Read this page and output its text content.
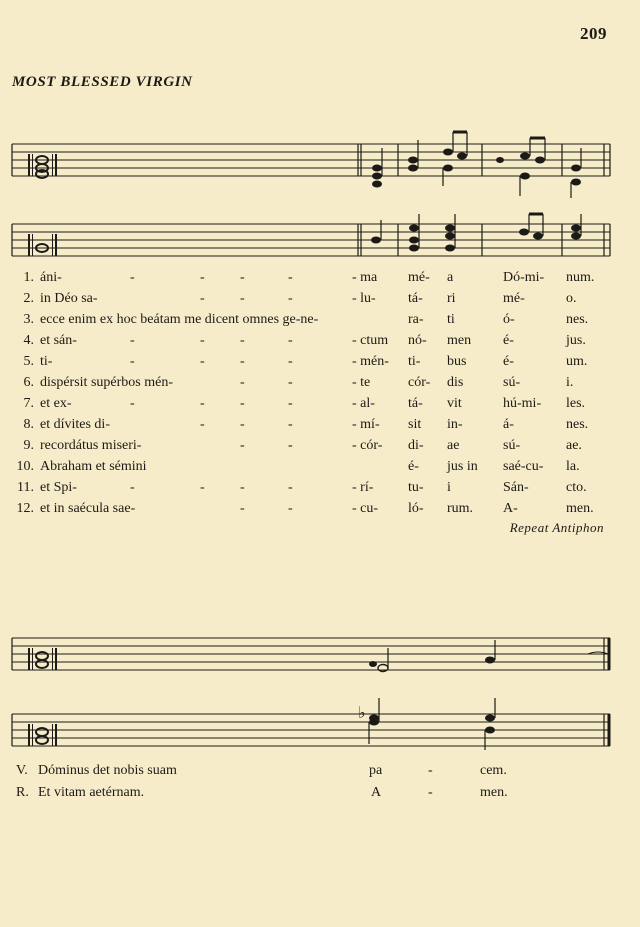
209
MOST BLESSED VIRGIN
1. áni-	-	-	-	-	- ma mé- a	Dó-mi- num.
2. in Déo sa-	-	-	-	- lu- tá- ri	mé-	o.
3. ecce enim ex hoc beátam me dicent omnes ge-ne-	ra- ti	ó-	nes.
4. et sán-	-	-	-	-	- ctum nó- men é-	jus.
5. ti-	-	-	-	-	- mén- ti- bus	é-	um.
6. dispérsit supérbos mén-	-	-	- te	cór- dis	sú-	i.
7. et ex-	-	-	-	-	- al- tá- vit	hú-mi- les.
8. et dívites di-	-	-	-	- mí- sit in-	á-	nes.
9. recordátus miseri-	-	-	- cór- di- ae	sú-	ae.
10. Abraham et sémini	é- jus in saé-cu- la.
11. et Spi-	-	-	-	-	- rí- tu- i	Sán-	cto.
12. et in saécula sae-	-	-	- cu- ló- rum. A-	men.
Repeat Antiphon
♭
V. Dóminus det nobis suam	pa	-	cem.
R. Et vitam aetérnam.	A	-	men.
